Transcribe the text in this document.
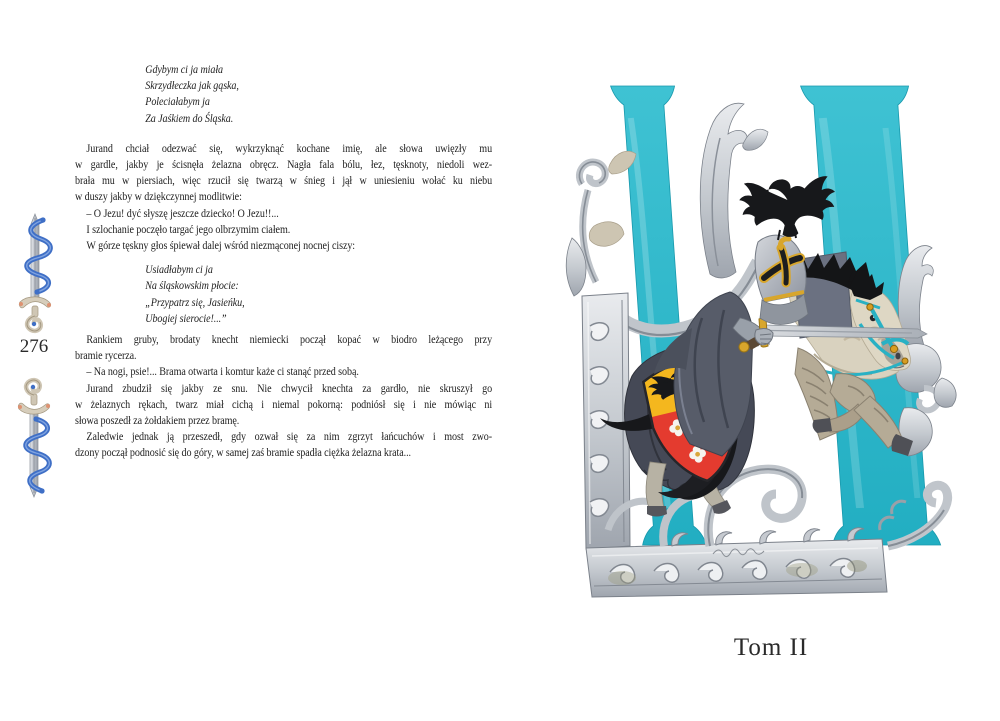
276
Gdybym ci ja miała
Skrzydłeczka jak gąska,
Poleciałabym ja
Za Jaśkiem do Śląska.
Jurand chciał odezwać się, wykrzyknąć kochane imię, ale słowa uwięzły mu
w gardle, jakby je ścisnęła żelazna obręcz. Nagła fala bólu, łez, tęsknoty, niedoli wez-
brała mu w piersiach, więc rzucił się twarzą w śnieg i jął w uniesieniu wołać ku niebu
w duszy jakby w dziękczynnej modlitwie:
– O Jezu! dyć słyszę jeszcze dziecko! O Jezu!!...
I szlochanie poczęło targać jego olbrzymim ciałem.
W górze tęskny głos śpiewał dalej wśród niezmąconej nocnej ciszy:
Usiadłabym ci ja
Na śląskowskim płocie:
„Przypatrz się, Jasieńku,
Ubogiej sierocie!...”
Rankiem gruby, brodaty knecht niemiecki począł kopać w biodro leżącego przy
bramie rycerza.
– Na nogi, psie!... Brama otwarta i komtur każe ci stanąć przed sobą.
Jurand zbudził się jakby ze snu. Nie chwycił knechta za gardło, nie skruszył go
w żelaznych rękach, twarz miał cichą i niemal pokorną: podniósł się i nie mówiąc ni
słowa poszedł za żołdakiem przez bramę.
Zaledwie jednak ją przeszedł, gdy ozwał się za nim zgrzyt łańcuchów i most zwo-
dzony począł podnosić się do góry, w samej zaś bramie spadła ciężka żelazna krata...
Tom II
